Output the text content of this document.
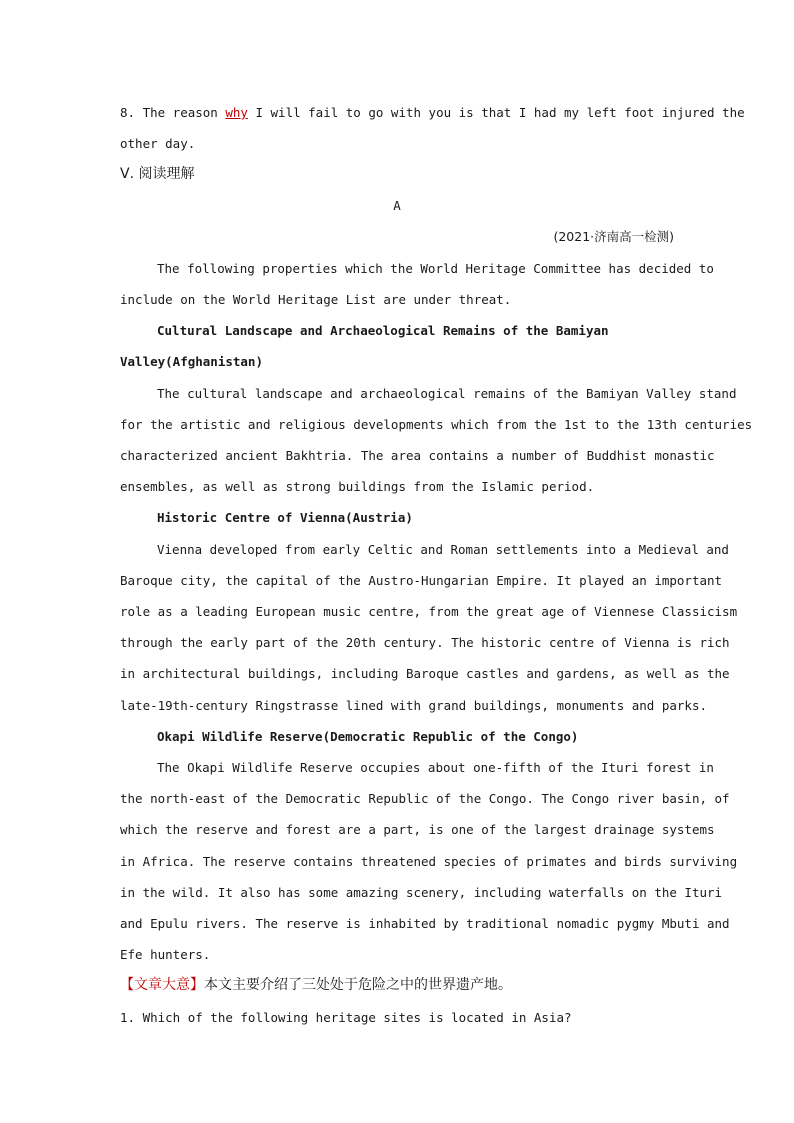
8. The reason why I will fail to go with you is that I had my left foot injured the
other day.
Ⅴ. 阅读理解
A
(2021·济南高一检测)
The following properties which the World Heritage Committee has decided to
include on the World Heritage List are under threat.
Cultural Landscape and Archaeological Remains of the Bamiyan
Valley(Afghanistan)
The cultural landscape and archaeological remains of the Bamiyan Valley stand
for the artistic and religious developments which from the 1st to the 13th centuries
characterized ancient Bakhtria. The area contains a number of Buddhist monastic
ensembles, as well as strong buildings from the Islamic period.
Historic Centre of Vienna(Austria)
Vienna developed from early Celtic and Roman settlements into a Medieval and
Baroque city, the capital of the Austro-Hungarian Empire. It played an important
role as a leading European music centre, from the great age of Viennese Classicism
through the early part of the 20th century. The historic centre of Vienna is rich
in architectural buildings, including Baroque castles and gardens, as well as the
late-19th-century Ringstrasse lined with grand buildings, monuments and parks.
Okapi Wildlife Reserve(Democratic Republic of the Congo)
The Okapi Wildlife Reserve occupies about one-fifth of the Ituri forest in
the north-east of the Democratic Republic of the Congo. The Congo river basin, of
which the reserve and forest are a part, is one of the largest drainage systems
in Africa. The reserve contains threatened species of primates and birds surviving
in the wild. It also has some amazing scenery, including waterfalls on the Ituri
and Epulu rivers. The reserve is inhabited by traditional nomadic pygmy Mbuti and
Efe hunters.
【文章大意】本文主要介绍了三处处于危险之中的世界遗产地。
1. Which of the following heritage sites is located in Asia?
